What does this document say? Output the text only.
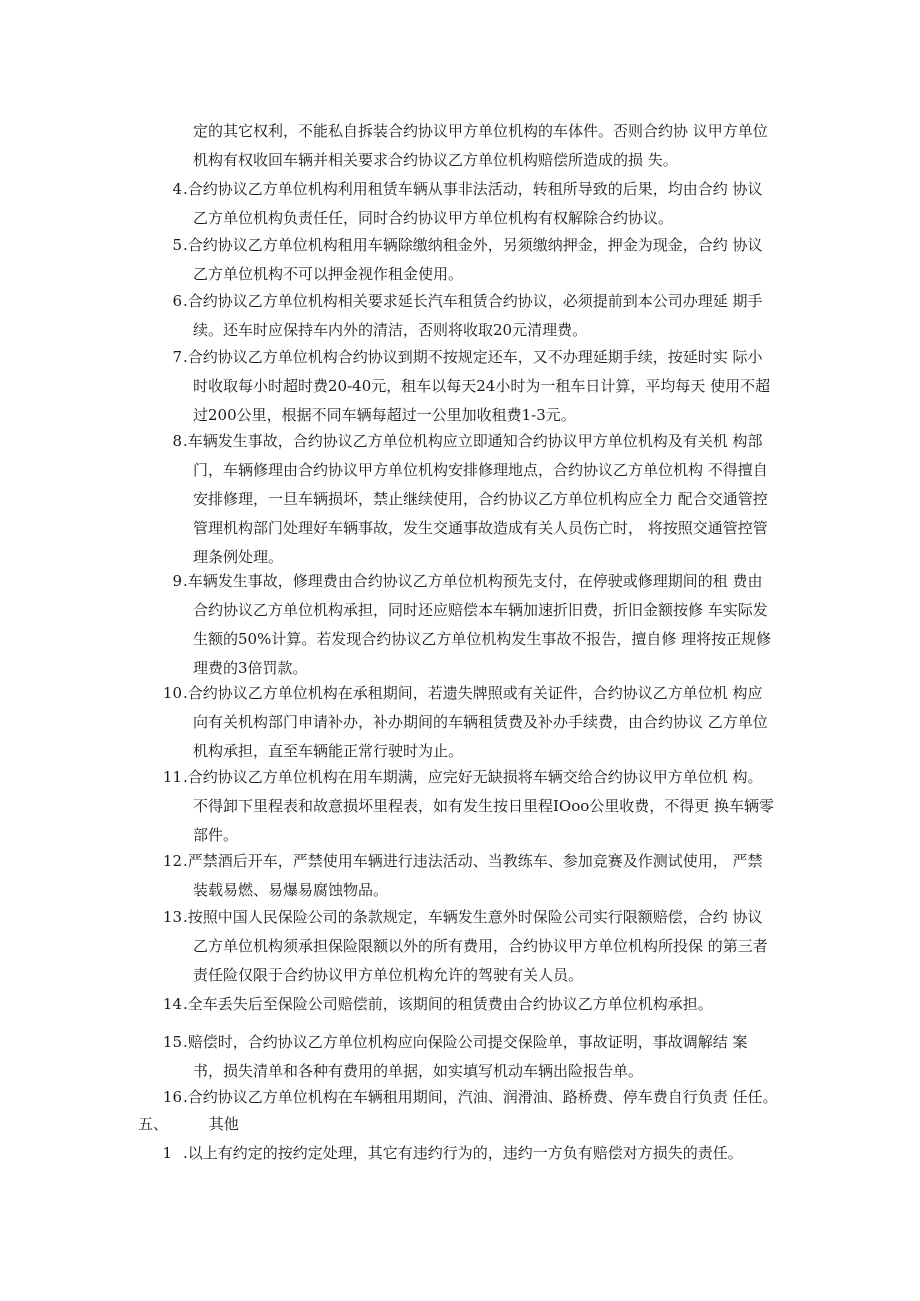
定的其它权利，不能私自拆装合约协议甲方单位机构的车体件。否则合约协 议甲方单位
机构有权收回车辆并相关要求合约协议乙方单位机构赔偿所造成的损 失。
4 .合约协议乙方单位机构利用租赁车辆从事非法活动，转租所导致的后果，均由合约 协议
乙方单位机构负责任任，同时合约协议甲方单位机构有权解除合约协议。
5 .合约协议乙方单位机构租用车辆除缴纳租金外，另须缴纳押金，押金为现金，合约 协议
乙方单位机构不可以押金视作租金使用。
6 .合约协议乙方单位机构相关要求延长汽车租赁合约协议，必须提前到本公司办理延 期手
续。还车时应保持车内外的清洁，否则将收取20元清理费。
7 .合约协议乙方单位机构合约协议到期不按规定还车，又不办理延期手续，按延时实 际小
时收取每小时超时费20-40元，租车以每天24小时为一租车日计算，平均每天 使用不超
过200公里，根据不同车辆每超过一公里加收租费1-3元。
8 .车辆发生事故，合约协议乙方单位机构应立即通知合约协议甲方单位机构及有关机 构部
门，车辆修理由合约协议甲方单位机构安排修理地点，合约协议乙方单位机构 不得擅自
安排修理，一旦车辆损坏，禁止继续使用，合约协议乙方单位机构应全力 配合交通管控
管理机构部门处理好车辆事故，发生交通事故造成有关人员伤亡时， 将按照交通管控管
理条例处理。
9 .车辆发生事故，修理费由合约协议乙方单位机构预先支付，在停驶或修理期间的租 费由
合约协议乙方单位机构承担，同时还应赔偿本车辆加速折旧费，折旧金额按修 车实际发
生额的50%计算。若发现合约协议乙方单位机构发生事故不报告，擅自修 理将按正规修
理费的3倍罚款。
10 .合约协议乙方单位机构在承租期间，若遗失牌照或有关证件，合约协议乙方单位机 构应
向有关机构部门申请补办，补办期间的车辆租赁费及补办手续费，由合约协议 乙方单位
机构承担，直至车辆能正常行驶时为止。
11 .合约协议乙方单位机构在用车期满，应完好无缺损将车辆交给合约协议甲方单位机 构。
不得卸下里程表和故意损坏里程表，如有发生按日里程IOoo公里收费，不得更 换车辆零
部件。
12 .严禁酒后开车，严禁使用车辆进行违法活动、当教练车、参加竞赛及作测试使用， 严禁
装载易燃、易爆易腐蚀物品。
13 .按照中国人民保险公司的条款规定，车辆发生意外时保险公司实行限额赔偿，合约 协议
乙方单位机构须承担保险限额以外的所有费用，合约协议甲方单位机构所投保 的第三者
责任险仅限于合约协议甲方单位机构允许的驾驶有关人员。
14 .全车丢失后至保险公司赔偿前，该期间的租赁费由合约协议乙方单位机构承担。
15 .赔偿时，合约协议乙方单位机构应向保险公司提交保险单，事故证明，事故调解结 案
书，损失清单和各种有费用的单据，如实填写机动车辆出险报告单。
16 .合约协议乙方单位机构在车辆租用期间，汽油、润滑油、路桥费、停车费自行负责 任任。
五、	其他
1 .以上有约定的按约定处理，其它有违约行为的，违约一方负有赔偿对方损失的责任。
